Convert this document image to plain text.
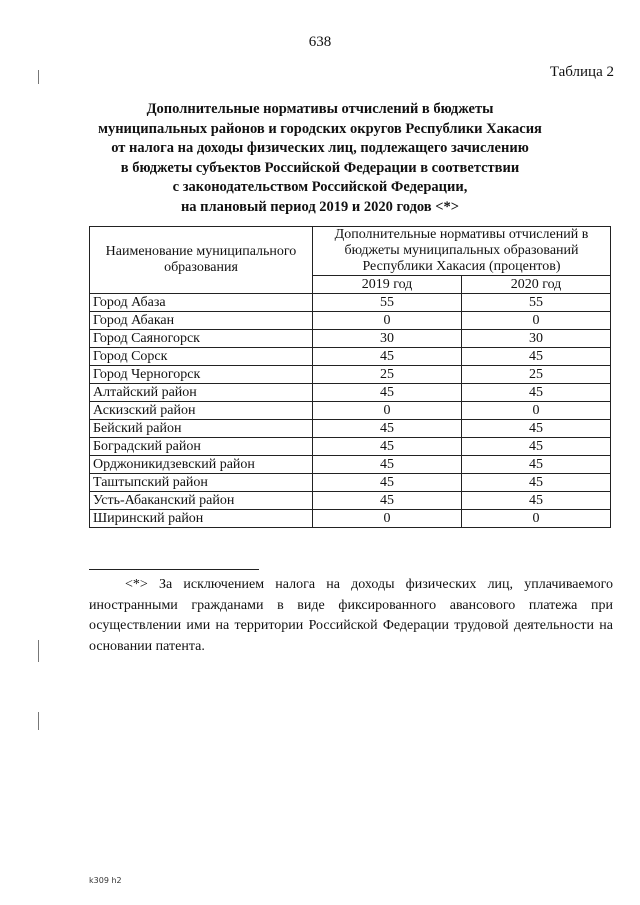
638
Таблица 2
Дополнительные нормативы отчислений в бюджеты
муниципальных районов и городских округов Республики Хакасия
от налога на доходы физических лиц, подлежащего зачислению
в бюджеты субъектов Российской Федерации в соответствии
с законодательством Российской Федерации,
на плановый период 2019 и 2020 годов <*>
Наименование муниципального образования	Дополнительные нормативы отчислений в бюджеты муниципальных образований Республики Хакасия (процентов)	
	2019 год	2020 год
Город Абаза	55	55
Город Абакан	0	0
Город Саяногорск	30	30
Город Сорск	45	45
Город Черногорск	25	25
Алтайский район	45	45
Аскизский район	0	0
Бейский район	45	45
Боградский район	45	45
Орджоникидзевский район	45	45
Таштыпский район	45	45
Усть-Абаканский район	45	45
Ширинский район	0	0
<*> За исключением налога на доходы физических лиц, уплачиваемого иностранными гражданами в виде фиксированного авансового платежа при осуществлении ими на территории Российской Федерации трудовой деятельности на основании патента.
k309 h2
